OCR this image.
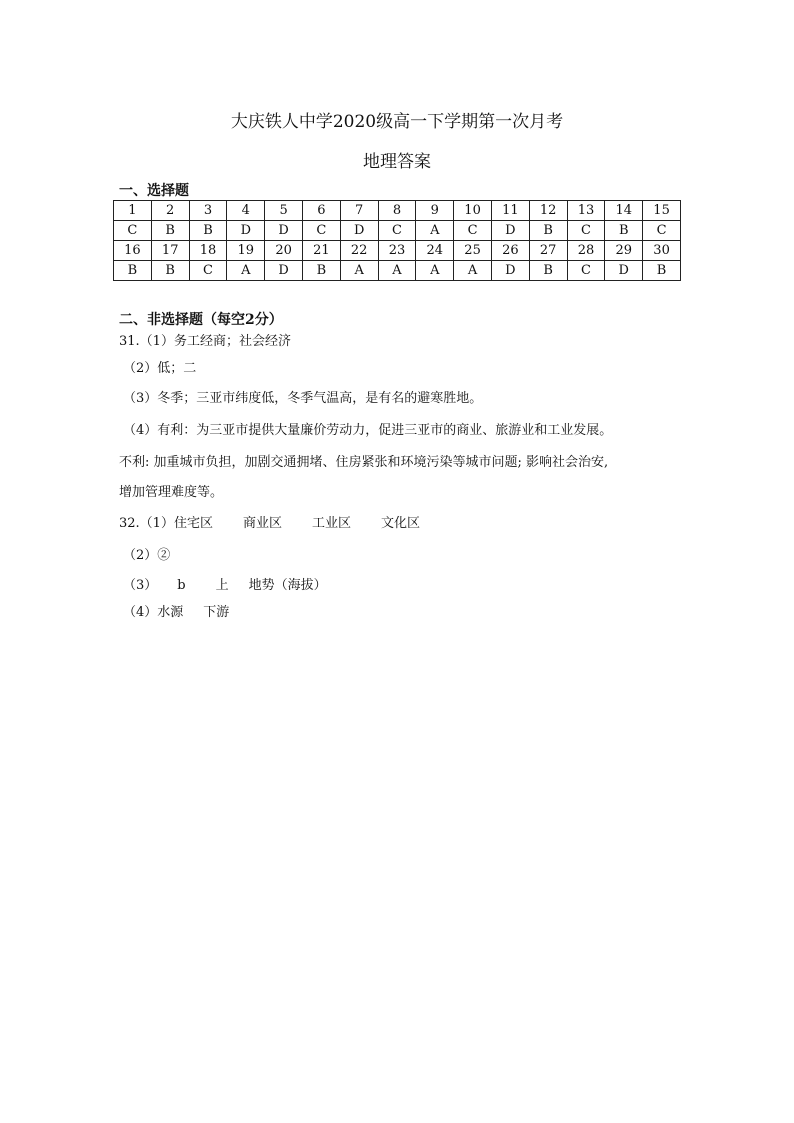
大庆铁人中学2020级高一下学期第一次月考
地理答案
一、选择题
1	2	3	4	5	6	7	8	9	10	11	12	13	14	15
C	B	B	D	D	C	D	C	A	C	D	B	C	B	C
16	17	18	19	20	21	22	23	24	25	26	27	28	29	30
B	B	C	A	D	B	A	A	A	A	D	B	C	D	B
二、非选择题（每空2分）

31.（1）务工经商；社会经济

（2）低；二

（3）冬季；三亚市纬度低，冬季气温高，是有名的避寒胜地。

（4）有利：为三亚市提供大量廉价劳动力，促进三亚市的商业、旅游业和工业发展。

不利: 加重城市负担，加剧交通拥堵、住房紧张和环境污染等城市问题; 影响社会治安,

增加管理难度等。

32.（1）住宅区 商业区 工业区 文化区

（2）②

（3） b 上 地势（海拔）

（4）水源 下游
